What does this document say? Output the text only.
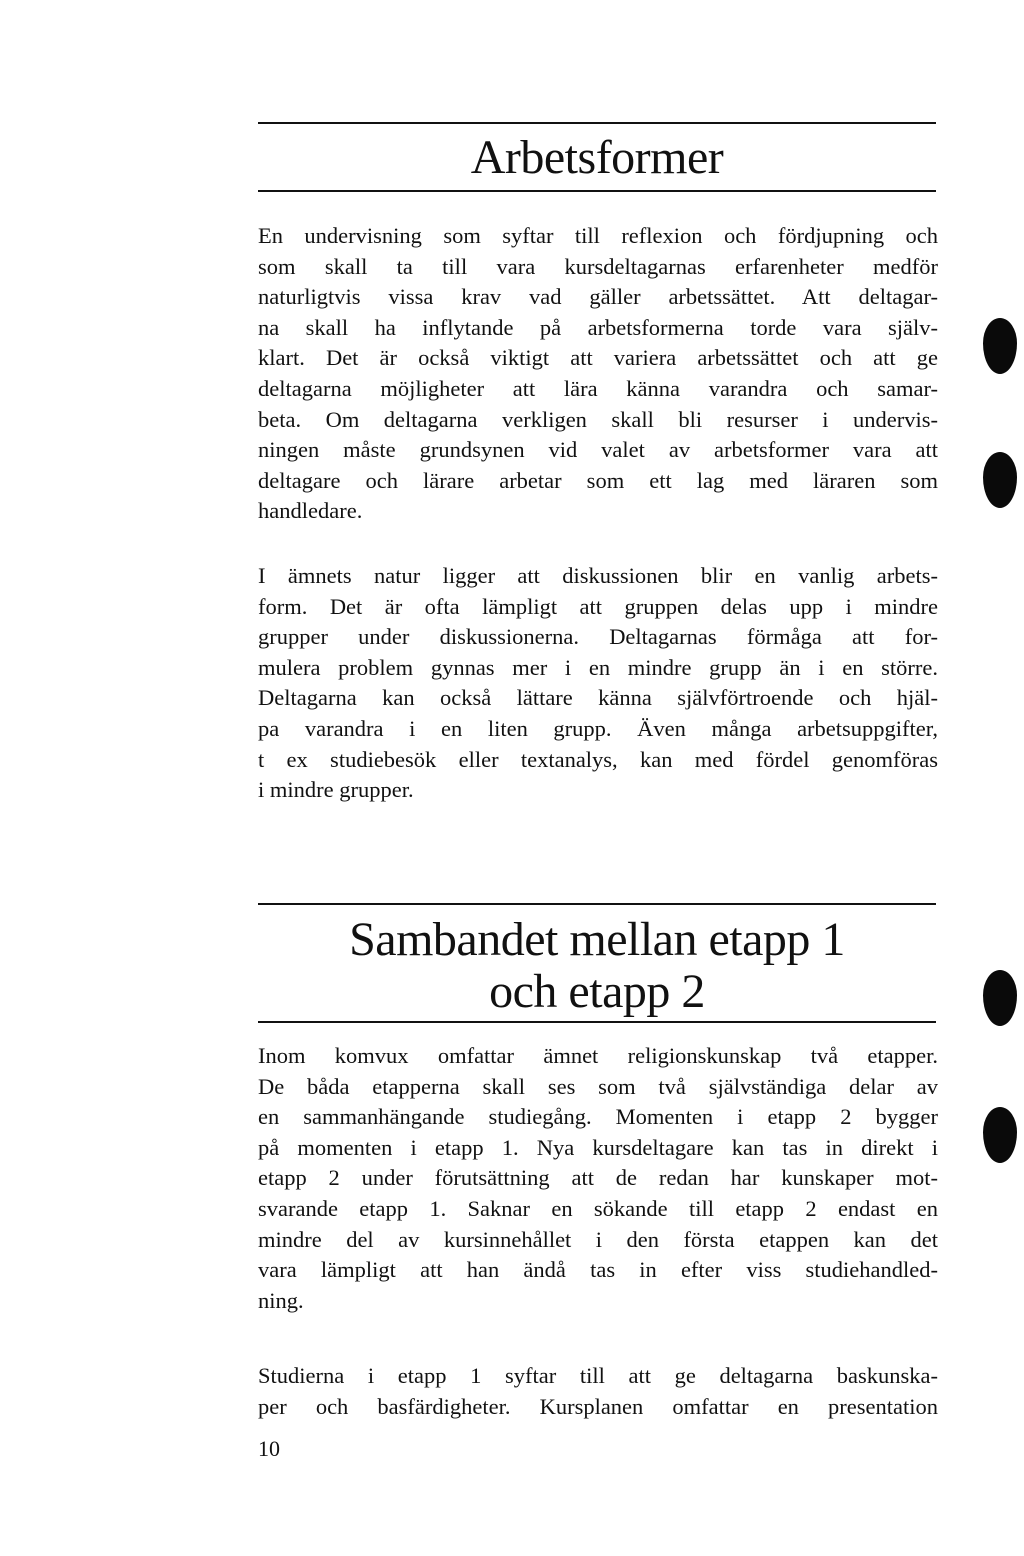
Arbetsformer

En undervisning som syftar till reflexion och fördjupning och
som skall ta till vara kursdeltagarnas erfarenheter medför
naturligtvis vissa krav vad gäller arbetssättet. Att deltagar-
na skall ha inflytande på arbetsformerna torde vara själv-
klart. Det är också viktigt att variera arbetssättet och att ge
deltagarna möjligheter att lära känna varandra och samar-
beta. Om deltagarna verkligen skall bli resurser i undervis-
ningen måste grundsynen vid valet av arbetsformer vara att
deltagare och lärare arbetar som ett lag med läraren som
handledare.

I ämnets natur ligger att diskussionen blir en vanlig arbets-
form. Det är ofta lämpligt att gruppen delas upp i mindre
grupper under diskussionerna. Deltagarnas förmåga att for-
mulera problem gynnas mer i en mindre grupp än i en större.
Deltagarna kan också lättare känna självförtroende och hjäl-
pa varandra i en liten grupp. Även många arbetsuppgifter,
t ex studiebesök eller textanalys, kan med fördel genomföras
i mindre grupper.

Sambandet mellan etapp 1
och etapp 2

Inom komvux omfattar ämnet religionskunskap två etapper.
De båda etapperna skall ses som två självständiga delar av
en sammanhängande studiegång. Momenten i etapp 2 bygger
på momenten i etapp 1. Nya kursdeltagare kan tas in direkt i
etapp 2 under förutsättning att de redan har kunskaper mot-
svarande etapp 1. Saknar en sökande till etapp 2 endast en
mindre del av kursinnehållet i den första etappen kan det
vara lämpligt att han ändå tas in efter viss studiehandled-
ning.

Studierna i etapp 1 syftar till att ge deltagarna baskunska-
per och basfärdigheter. Kursplanen omfattar en presentation

10
